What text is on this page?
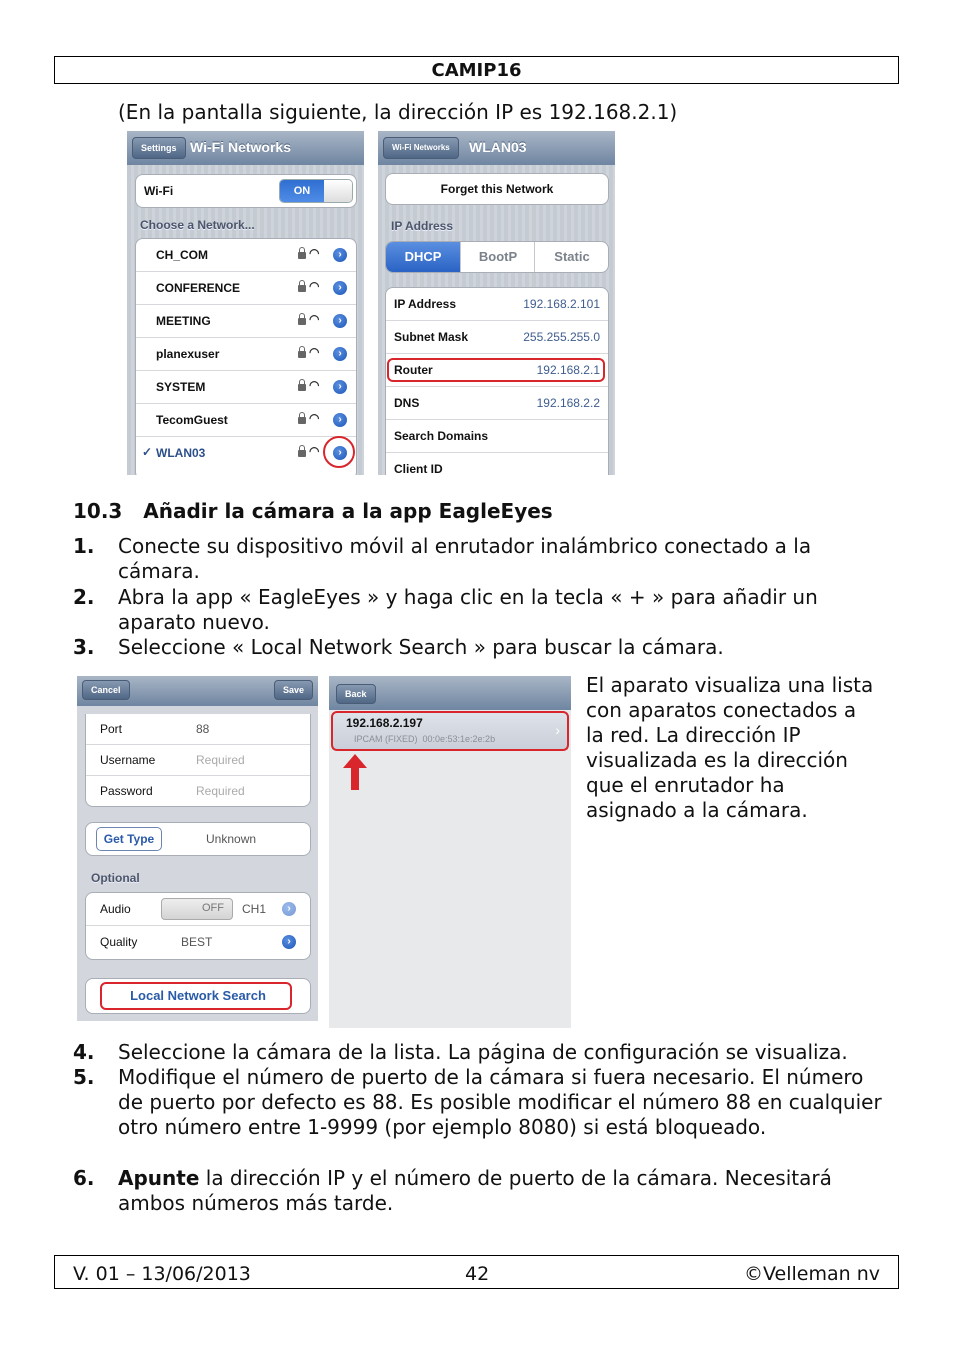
CAMIP16
(En la pantalla siguiente, la dirección IP es 192.168.2.1)
Settings Wi-Fi Networks
Wi-Fi	ON
Choose a Network...
CH_COM	◠	›
CONFERENCE	◠	›
MEETING	◠	›
planexuser	◠	›
SYSTEM	◠	›
TecomGuest	◠	›
✓ WLAN03	◠	›
Wi-Fi Networks	WLAN03
Forget this Network
IP Address
DHCP	BootP	Static
IP Address	192.168.2.101
Subnet Mask	255.255.255.0
Router	192.168.2.1
DNS	192.168.2.2
Search Domains
Client ID
10.3 Añadir la cámara a la app EagleEyes
1. Conecte su dispositivo móvil al enrutador inalámbrico conectado a la cámara.
2. Abra la app « EagleEyes » y haga clic en la tecla « + » para añadir un aparato nuevo.
3. Seleccione « Local Network Search » para buscar la cámara.
Cancel	Save
Port	88
Username	Required
Password	Required
Get Type	Unknown
Optional
Audio	OFF CH1	›
Quality	BEST	›
Local Network Search
Back
192.168.2.197
IPCAM (FIXED)  00:0e:53:1e:2e:2b
›
El aparato visualiza una lista con aparatos conectados a la red. La dirección IP visualizada es la dirección que el enrutador ha asignado a la cámara.
4. Seleccione la cámara de la lista. La página de configuración se visualiza.
5. Modifique el número de puerto de la cámara si fuera necesario. El número de puerto por defecto es 88. Es posible modificar el número 88 en cualquier otro número entre 1-9999 (por ejemplo 8080) si está bloqueado.
6. Apunte la dirección IP y el número de puerto de la cámara. Necesitará ambos números más tarde.
V. 01 – 13/06/2013	42	©Velleman nv
